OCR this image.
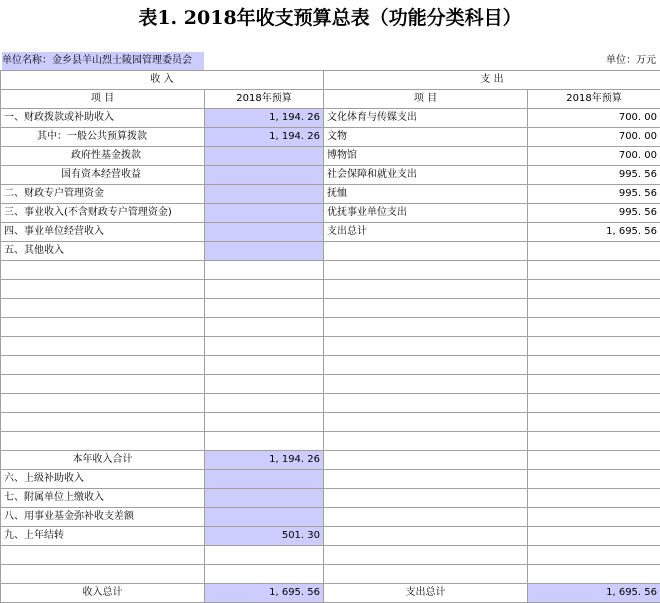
表1. 2018年收支预算总表（功能分类科目）
单位名称：金乡县羊山烈士陵园管理委员会	单位：万元
收 入		支 出	
项 目	2018年预算	项 目	2018年预算
一、财政拨款或补助收入	1, 194. 26	文化体育与传媒支出	700. 00
其中：一般公共预算拨款	1, 194. 26	文物	700. 00
政府性基金拨款		博物馆	700. 00
国有资本经营收益		社会保障和就业支出	995. 56
二、财政专户管理资金		抚恤	995. 56
三、事业收入(不含财政专户管理资金)		优抚事业单位支出	995. 56
四、事业单位经营收入		支出总计	1, 695. 56
五、其他收入			

本年收入合计	1, 194. 26		
六、上级补助收入			
七、附属单位上缴收入			
八、用事业基金弥补收支差额			
九、上年结转	501. 30		

收入总计	1, 695. 56	支出总计	1, 695. 56
